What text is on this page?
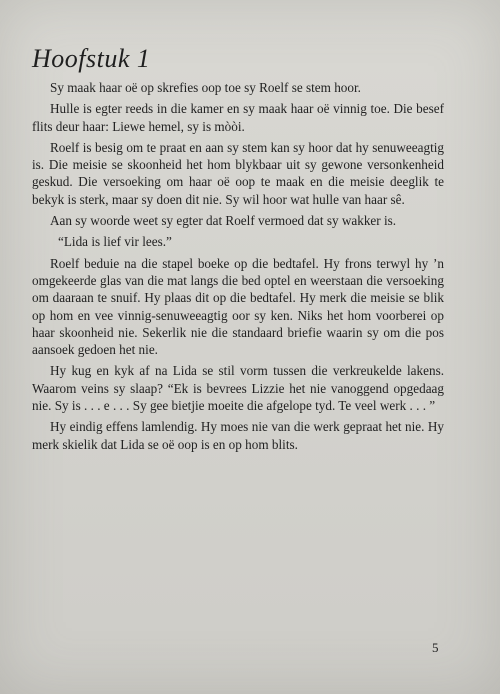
Hoofstuk 1

Sy maak haar oë op skrefies oop toe sy Roelf se stem hoor.

Hulle is egter reeds in die kamer en sy maak haar oë vinnig toe. Die besef flits deur haar: Liewe hemel, sy is mòòi.

Roelf is besig om te praat en aan sy stem kan sy hoor dat hy senuweeagtig is. Die meisie se skoonheid het hom blykbaar uit sy gewone versonkenheid geskud. Die versoeking om haar oë oop te maak en die meisie deeglik te bekyk is sterk, maar sy doen dit nie. Sy wil hoor wat hulle van haar sê.

Aan sy woorde weet sy egter dat Roelf vermoed dat sy wakker is.

“Lida is lief vir lees.”

Roelf beduie na die stapel boeke op die bedtafel. Hy frons terwyl hy ’n omgekeerde glas van die mat langs die bed optel en weerstaan die versoeking om daaraan te snuif. Hy plaas dit op die bedtafel. Hy merk die meisie se blik op hom en vee vinnig-senuweeagtig oor sy ken. Niks het hom voorberei op haar skoonheid nie. Sekerlik nie die standaard briefie waarin sy om die pos aansoek gedoen het nie.

Hy kug en kyk af na Lida se stil vorm tussen die verkreukelde lakens. Waarom veins sy slaap? “Ek is bevrees Lizzie het nie vanoggend opgedaag nie. Sy is . . . e . . . Sy gee bietjie moeite die afgelope tyd. Te veel werk . . . ”

Hy eindig effens lamlendig. Hy moes nie van die werk gepraat het nie. Hy merk skielik dat Lida se oë oop is en op hom blits.

5
